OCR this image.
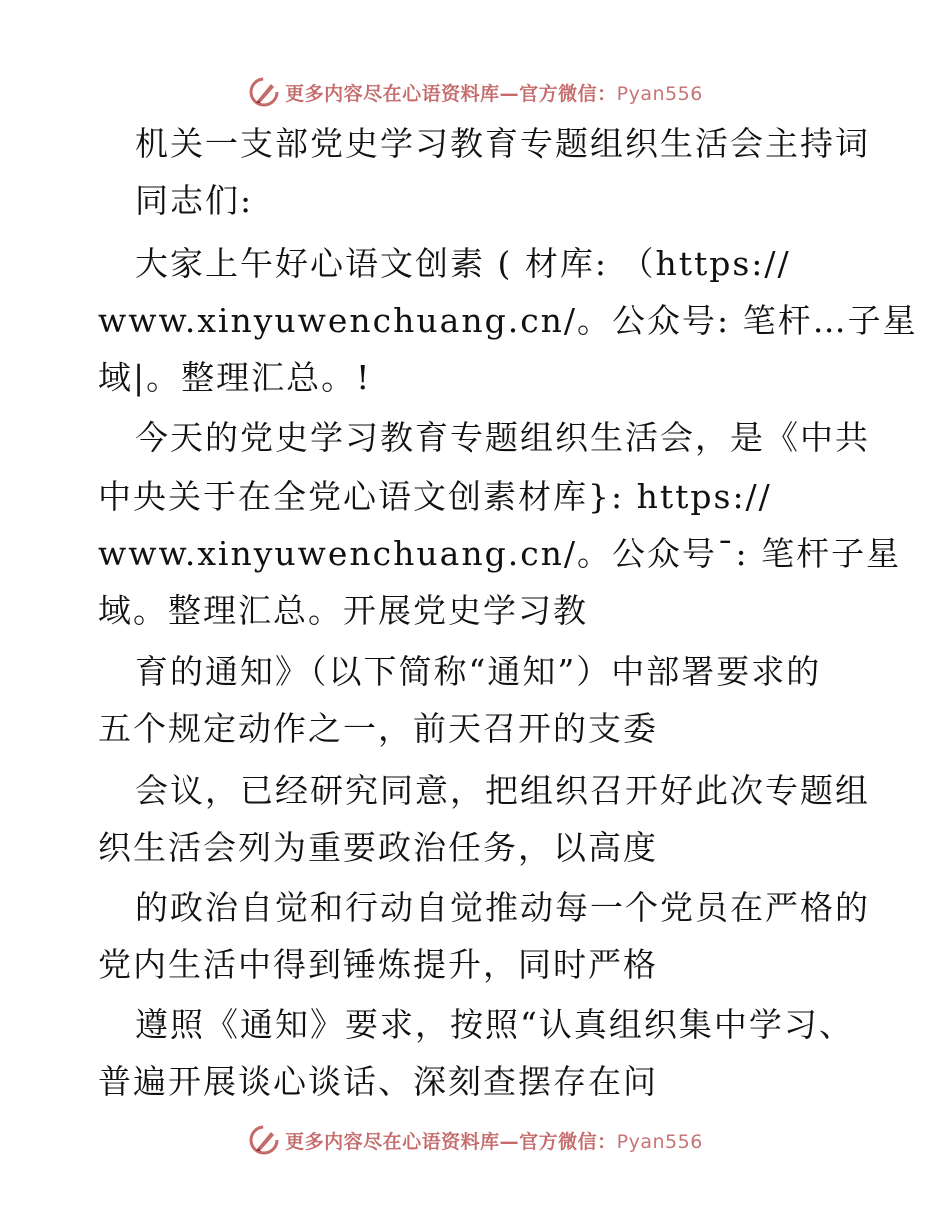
更多内容尽在心语资料库—官方微信：Pyan556
机关一支部党史学习教育专题组织生活会主持词
同志们:
大家上午好心语文创素 ( 材库: （https://
www.xinyuwenchuang.cn/。公众号: 笔杆…子星
域|。整理汇总。!
今天的党史学习教育专题组织生活会，是《中共
中央关于在全党心语文创素材库}: https://
www.xinyuwenchuang.cn/。公众号¯: 笔杆子星
域。整理汇总。开展党史学习教
育的通知》（以下简称“通知”）中部署要求的
五个规定动作之一，前天召开的支委
会议，已经研究同意，把组织召开好此次专题组
织生活会列为重要政治任务，以高度
的政治自觉和行动自觉推动每一个党员在严格的
党内生活中得到锤炼提升，同时严格
遵照《通知》要求，按照“认真组织集中学习、
普遍开展谈心谈话、深刻查摆存在问
更多内容尽在心语资料库—官方微信：Pyan556
